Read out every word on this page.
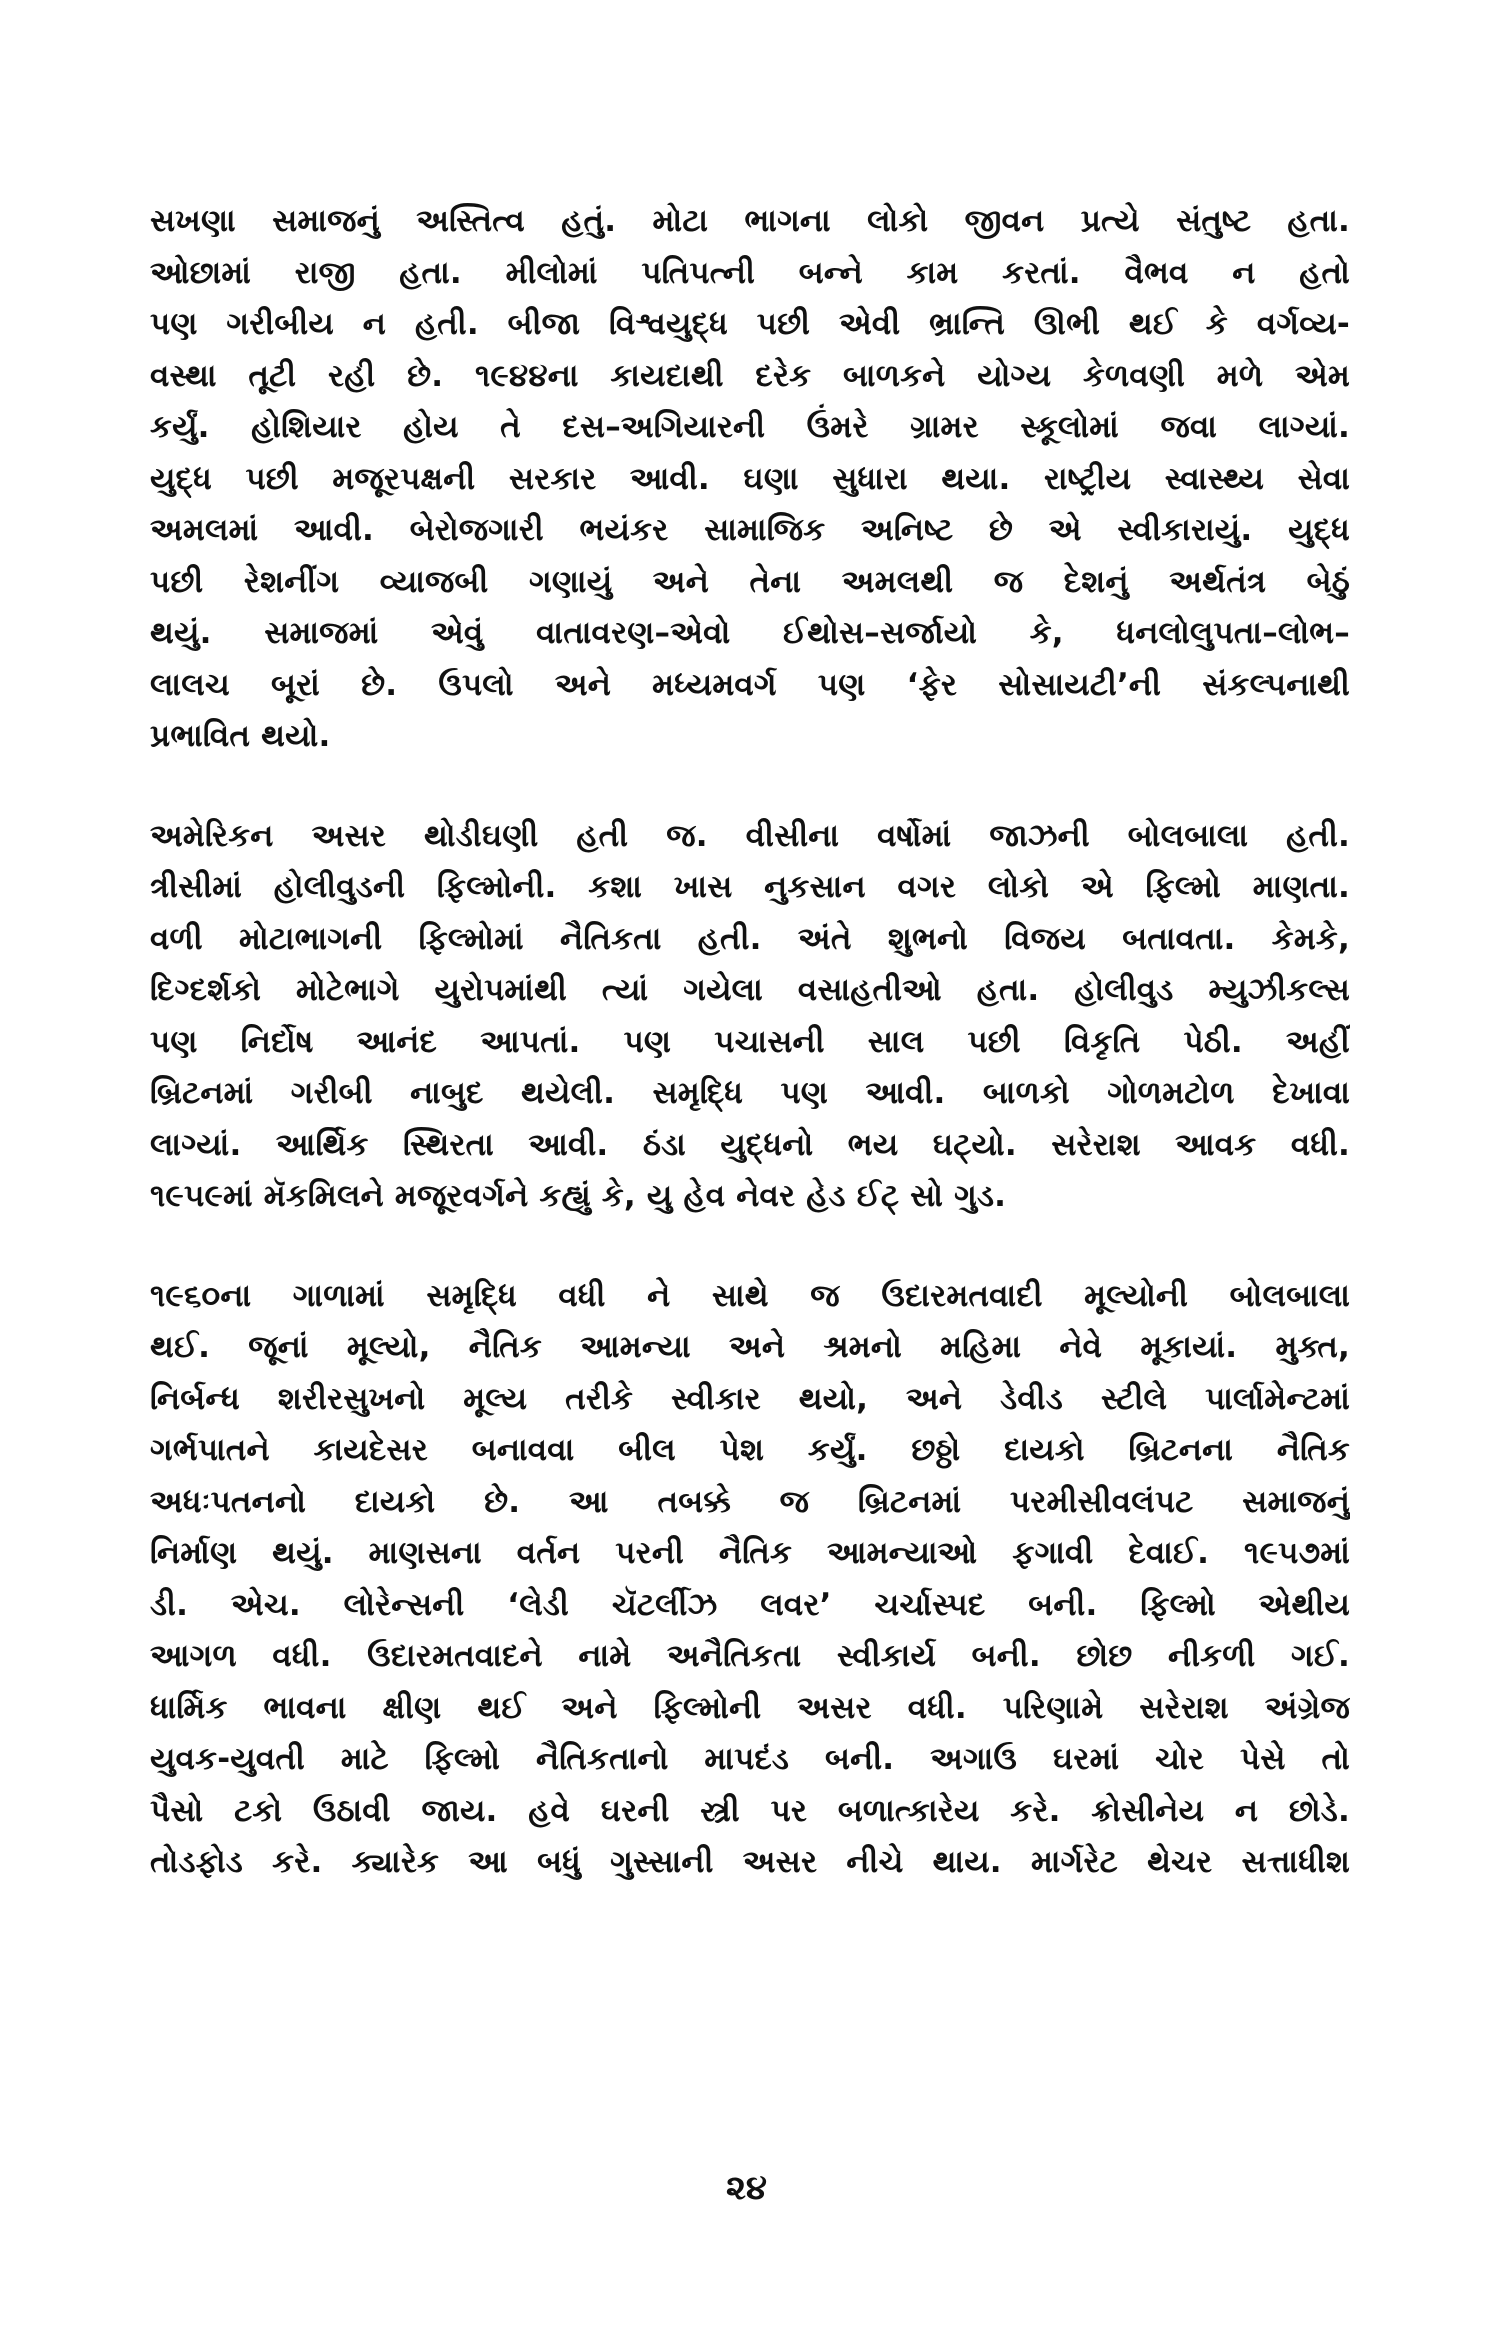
સખણા સમાજનું અસ્તિત્વ હતું. મોટા ભાગના લોકો જીવન પ્રત્યે સંતુષ્ટ હતા.
ઓછામાં રાજી હતા. મીલોમાં પતિપત્ની બન્ને કામ કરતાં. વૈભવ ન હતો
પણ ગરીબીય ન હતી. બીજા વિશ્વયુદ્ધ પછી એવી ભ્રાન્તિ ઊભી થઈ કે વર્ગવ્ય-
વસ્થા તૂટી રહી છે. ૧૯૪૪ના કાયદાથી દરેક બાળકને યોગ્ય કેળવણી મળે એમ
કર્યું. હોશિયાર હોય તે દસ–અગિયારની ઉંમરે ગ્રામર સ્કૂલોમાં જવા લાગ્યાં.
યુદ્ધ પછી મજૂરપક્ષની સરકાર આવી. ઘણા સુધારા થયા. રાષ્ટ્રીય સ્વાસ્થ્ય સેવા
અમલમાં આવી. બેરોજગારી ભયંકર સામાજિક અનિષ્ટ છે એ સ્વીકારાયું. યુદ્ધ
પછી રેશનીંગ વ્યાજબી ગણાયું અને તેના અમલથી જ દેશનું અર્થતંત્ર બેઠું
થયું. સમાજમાં એવું વાતાવરણ–એવો ઈથોસ–સર્જાયો કે, ધનલોલુપતા–લોભ–
લાલચ બૂરાં છે. ઉપલો અને મધ્યમવર્ગ પણ ‘ફેર સોસાયટી’ની સંકલ્પનાથી
પ્રભાવિત થયો.
અમેરિકન અસર થોડીઘણી હતી જ. વીસીના વર્ષોમાં જાઝની બોલબાલા હતી.
ત્રીસીમાં હોલીવુડની ફિલ્મોની. કશા ખાસ નુકસાન વગર લોકો એ ફિલ્મો માણતા.
વળી મોટાભાગની ફિલ્મોમાં નૈતિકતા હતી. અંતે શુભનો વિજય બતાવતા. કેમકે,
દિગ્દર્શકો મોટેભાગે યુરોપમાંથી ત્યાં ગયેલા વસાહતીઓ હતા. હોલીવુડ મ્યુઝીકલ્સ
પણ નિર્દોષ આનંદ આપતાં. પણ પચાસની સાલ પછી વિકૃતિ પેઠી. અહીં
બ્રિટનમાં ગરીબી નાબુદ થયેલી. સમૃદ્ધિ પણ આવી. બાળકો ગોળમટોળ દેખાવા
લાગ્યાં. આર્થિક સ્થિરતા આવી. ઠંડા યુદ્ધનો ભય ઘટ્યો. સરેરાશ આવક વધી.
૧૯૫૯માં મૅકમિલને મજૂરવર્ગને કહ્યું કે, યુ હેવ નેવર હેડ ઈટ્ સો ગુડ.
૧૯૬૦ના ગાળામાં સમૃદ્ધિ વધી ને સાથે જ ઉદારમતવાદી મૂલ્યોની બોલબાલા
થઈ. જૂનાં મૂલ્યો, નૈતિક આમન્યા અને શ્રમનો મહિમા નેવે મૂકાયાં. મુક્ત,
નિર્બન્ધ શરીરસુખનો મૂલ્ય તરીકે સ્વીકાર થયો, અને ડેવીડ સ્ટીલે પાર્લામેન્ટમાં
ગર્ભપાતને કાયદેસર બનાવવા બીલ પેશ કર્યું. છઠ્ઠો દાયકો બ્રિટનના નૈતિક
અધઃપતનનો દાયકો છે. આ તબક્કે જ બ્રિટનમાં પરમીસીવલંપટ સમાજનું
નિર્માણ થયું. માણસના વર્તન પરની નૈતિક આમન્યાઓ ફગાવી દેવાઈ. ૧૯૫૭માં
ડી. એચ. લોરેન્સની ‘લેડી ચૅટર્લીઝ લવર’ ચર્ચાસ્પદ બની. ફિલ્મો એથીય
આગળ વધી. ઉદારમતવાદને નામે અનૈતિકતા સ્વીકાર્ય બની. છોછ નીકળી ગઈ.
ધાર્મિક ભાવના ક્ષીણ થઈ અને ફિલ્મોની અસર વધી. પરિણામે સરેરાશ અંગ્રેજ
યુવક-યુવતી માટે ફિલ્મો નૈતિકતાનો માપદંડ બની. અગાઉ ઘરમાં ચોર પેસે તો
પૈસો ટકો ઉઠાવી જાય. હવે ઘરની સ્ત્રી પર બળાત્કારેય કરે. ક્રોસીનેય ન છોડે.
તોડફોડ કરે. ક્યારેક આ બધું ગુસ્સાની અસર નીચે થાય. માર્ગરેટ થેચર સત્તાધીશ
૨૪
